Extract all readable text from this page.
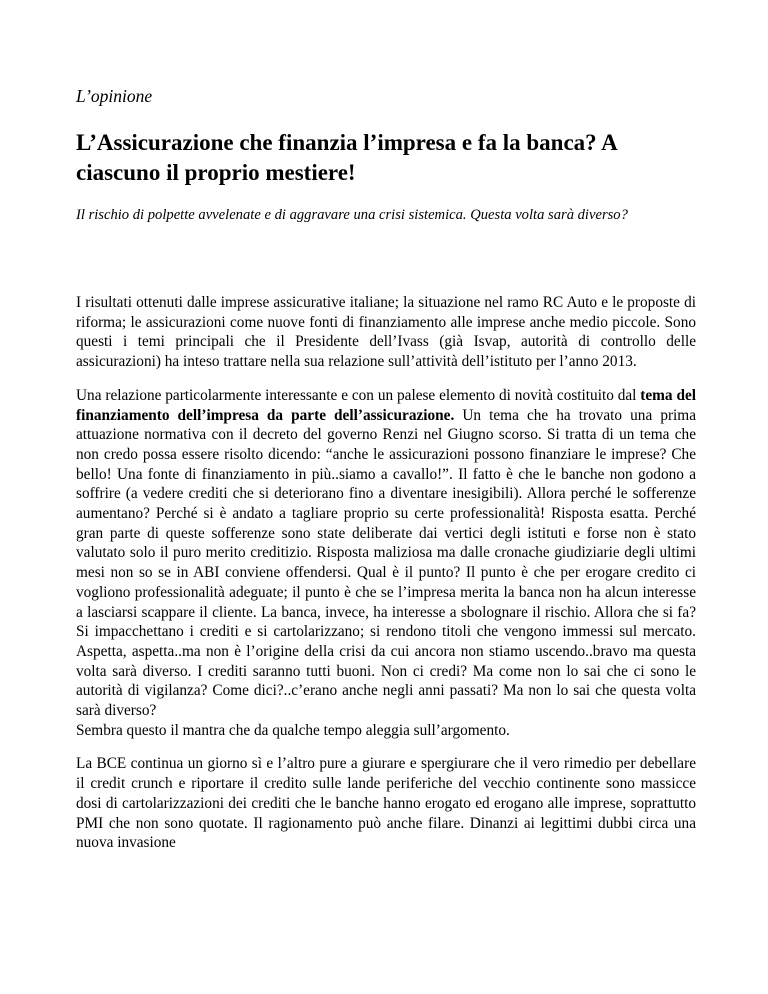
L’opinione

L’Assicurazione che finanzia l’impresa e fa la banca? A ciascuno il proprio mestiere!

Il rischio di polpette avvelenate e di aggravare una crisi sistemica. Questa volta sarà diverso?

I risultati ottenuti dalle imprese assicurative italiane; la situazione nel ramo RC Auto e le proposte di riforma; le assicurazioni come nuove fonti di finanziamento alle imprese anche medio piccole. Sono questi i temi principali che il Presidente dell’Ivass (già Isvap, autorità di controllo delle assicurazioni) ha inteso trattare nella sua relazione sull’attività dell’istituto per l’anno 2013.

Una relazione particolarmente interessante e con un palese elemento di novità costituito dal tema del finanziamento dell’impresa da parte dell’assicurazione. Un tema che ha trovato una prima attuazione normativa con il decreto del governo Renzi nel Giugno scorso. Si tratta di un tema che non credo possa essere risolto dicendo: “anche le assicurazioni possono finanziare le imprese? Che bello! Una fonte di finanziamento in più..siamo a cavallo!”. Il fatto è che le banche non godono a soffrire (a vedere crediti che si deteriorano fino a diventare inesigibili). Allora perché le sofferenze aumentano? Perché si è andato a tagliare proprio su certe professionalità! Risposta esatta. Perché gran parte di queste sofferenze sono state deliberate dai vertici degli istituti e forse non è stato valutato solo il puro merito creditizio. Risposta maliziosa ma dalle cronache giudiziarie degli ultimi mesi non so se in ABI conviene offendersi. Qual è il punto? Il punto è che per erogare credito ci vogliono professionalità adeguate; il punto è che se l’impresa merita la banca non ha alcun interesse a lasciarsi scappare il cliente. La banca, invece, ha interesse a sbolognare il rischio. Allora che si fa? Si impacchettano i crediti e si cartolarizzano; si rendono titoli che vengono immessi sul mercato. Aspetta, aspetta..ma non è l’origine della crisi da cui ancora non stiamo uscendo..bravo ma questa volta sarà diverso. I crediti saranno tutti buoni. Non ci credi? Ma come non lo sai che ci sono le autorità di vigilanza? Come dici?..c’erano anche negli anni passati? Ma non lo sai che questa volta sarà diverso?

Sembra questo il mantra che da qualche tempo aleggia sull’argomento.

La BCE continua un giorno sì e l’altro pure a giurare e spergiurare che il vero rimedio per debellare il credit crunch e riportare il credito sulle lande periferiche del vecchio continente sono massicce dosi di cartolarizzazioni dei crediti che le banche hanno erogato ed erogano alle imprese, soprattutto PMI che non sono quotate. Il ragionamento può anche filare. Dinanzi ai legittimi dubbi circa una nuova invasione
